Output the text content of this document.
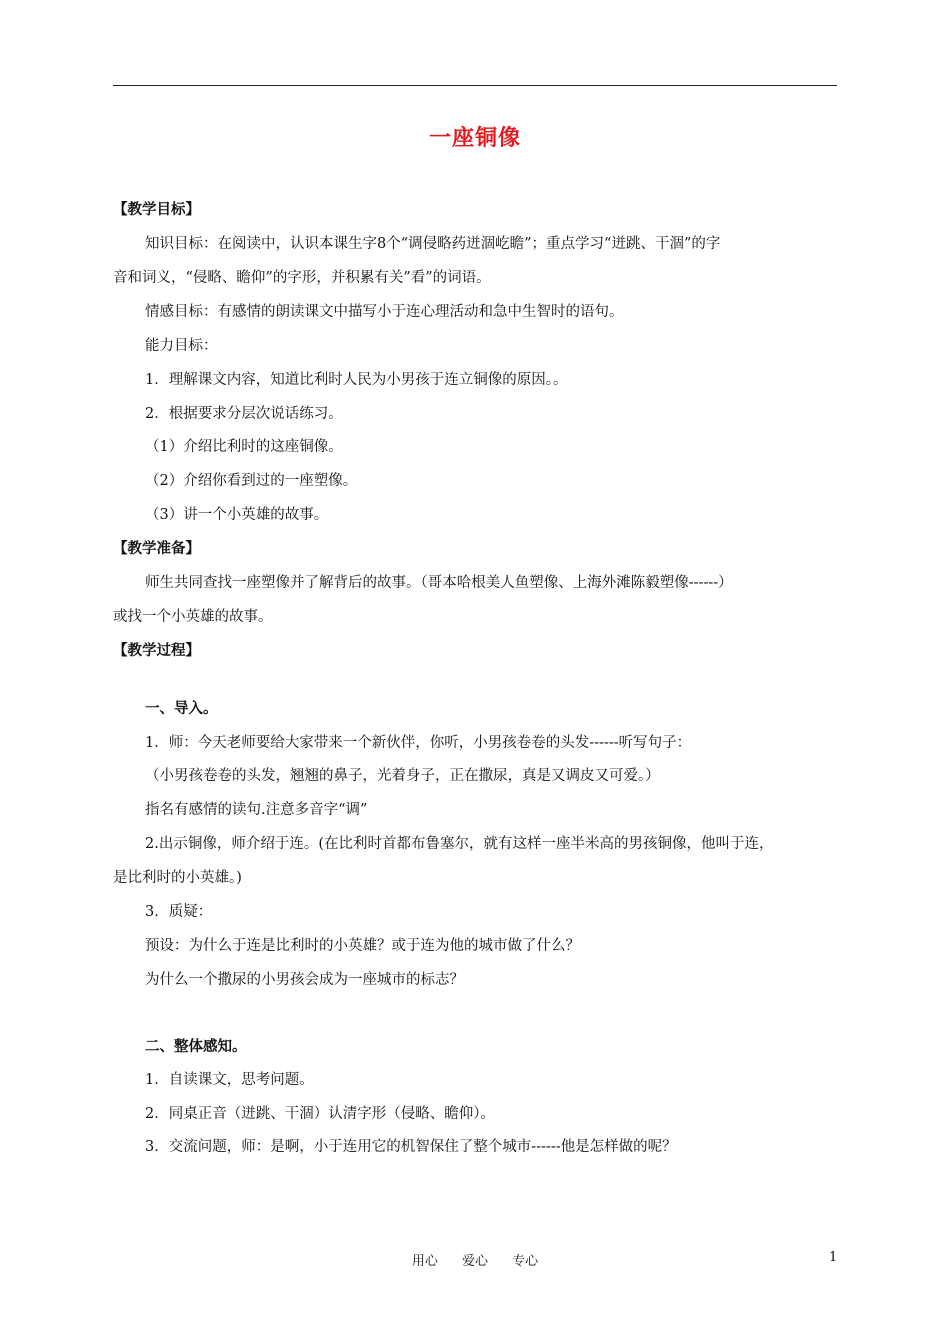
一座铜像
【教学目标】
知识目标：在阅读中，认识本课生字8个“调侵略药迸涸屹瞻”；重点学习“迸跳、干涸”的字
音和词义，“侵略、瞻仰”的字形，并积累有关”看”的词语。
情感目标：有感情的朗读课文中描写小于连心理活动和急中生智时的语句。
能力目标：
1．理解课文内容，知道比利时人民为小男孩于连立铜像的原因。。
2．根据要求分层次说话练习。
（1）介绍比利时的这座铜像。
（2）介绍你看到过的一座塑像。
（3）讲一个小英雄的故事。
【教学准备】
师生共同查找一座塑像并了解背后的故事。（哥本哈根美人鱼塑像、上海外滩陈毅塑像------）
或找一个小英雄的故事。
【教学过程】
一、导入。
1．师：今天老师要给大家带来一个新伙伴，你听，小男孩卷卷的头发------听写句子：
（小男孩卷卷的头发，翘翘的鼻子，光着身子，正在撒尿，真是又调皮又可爱。）
指名有感情的读句.注意多音字“调”
2.出示铜像，师介绍于连。(在比利时首都布鲁塞尔，就有这样一座半米高的男孩铜像，他叫于连，
是比利时的小英雄。)
3．质疑：
预设：为什么于连是比利时的小英雄？或于连为他的城市做了什么？
为什么一个撒尿的小男孩会成为一座城市的标志？
二、整体感知。
1．自读课文，思考问题。
2．同桌正音（迸跳、干涸）认清字形（侵略、瞻仰）。
3．交流问题，师：是啊，小于连用它的机智保住了整个城市------他是怎样做的呢？
用心 爱心 专心	1
